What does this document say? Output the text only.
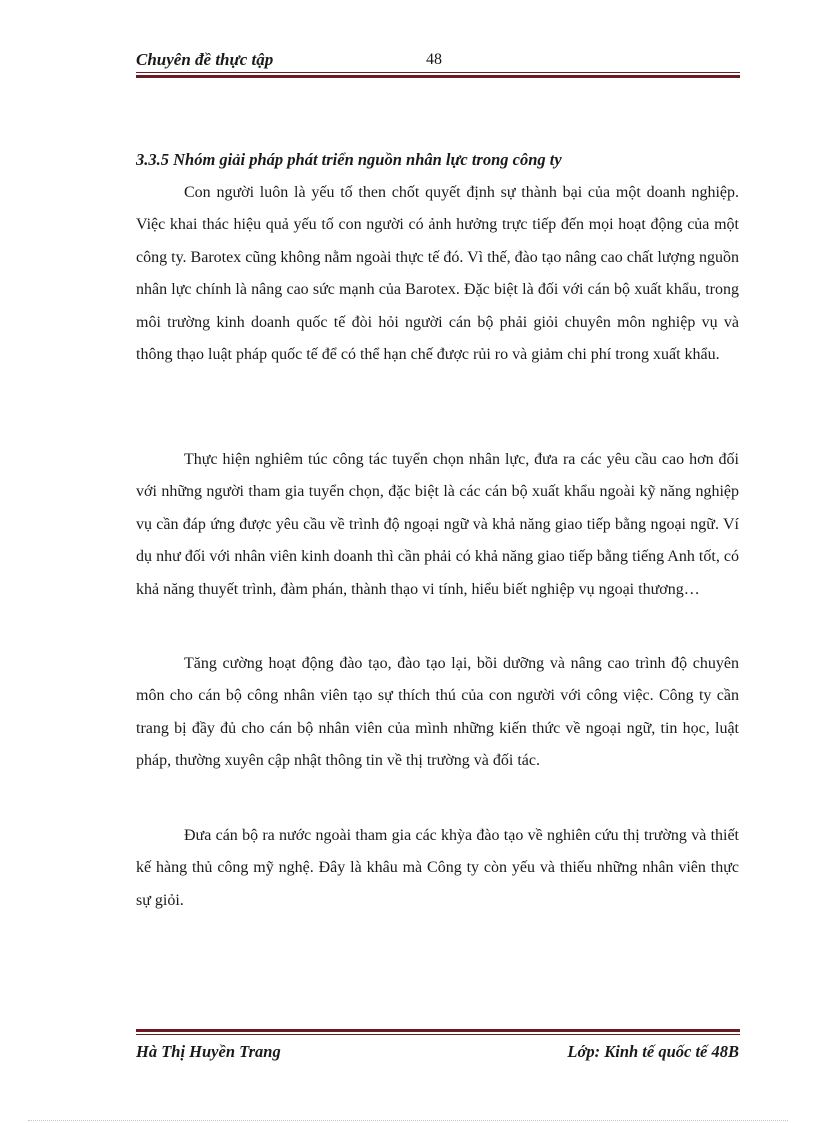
Chuyên đề thực tập	48
3.3.5 Nhóm giải pháp phát triển nguồn nhân lực trong công ty

Con người luôn là yếu tố then chốt quyết định sự thành bại của một doanh nghiệp. Việc khai thác hiệu quả yếu tố con người có ảnh hưởng trực tiếp đến mọi hoạt động của một công ty. Barotex cũng không nằm ngoài thực tế đó. Vì thế, đào tạo nâng cao chất lượng nguồn nhân lực chính là nâng cao sức mạnh của Barotex. Đặc biệt là đối với cán bộ xuất khẩu, trong môi trường kinh doanh quốc tế đòi hỏi người cán bộ phải giỏi chuyên môn nghiệp vụ và thông thạo luật pháp quốc tế để có thể hạn chế được rủi ro và giảm chi phí trong xuất khẩu.

Thực hiện nghiêm túc công tác tuyển chọn nhân lực, đưa ra các yêu cầu cao hơn đối với những người tham gia tuyển chọn, đặc biệt là các cán bộ xuất khẩu ngoài kỹ năng nghiệp vụ cần đáp ứng được yêu cầu về trình độ ngoại ngữ và khả năng giao tiếp bằng ngoại ngữ. Ví dụ như đối với nhân viên kinh doanh thì cần phải có khả năng giao tiếp bằng tiếng Anh tốt, có khả năng thuyết trình, đàm phán, thành thạo vi tính, hiểu biết nghiệp vụ ngoại thương…

Tăng cường hoạt động đào tạo, đào tạo lại, bồi dưỡng và nâng cao trình độ chuyên môn cho cán bộ công nhân viên tạo sự thích thú của con người với công việc. Công ty cần trang bị đầy đủ cho cán bộ nhân viên của mình những kiến thức về ngoại ngữ, tin học, luật pháp, thường xuyên cập nhật thông tin về thị trường và đối tác.

Đưa cán bộ ra nước ngoài tham gia các khỳa đào tạo về nghiên cứu thị trường và thiết kế hàng thủ công mỹ nghệ. Đây là khâu mà Công ty còn yếu và thiếu những nhân viên thực sự giỏi.

Hà Thị Huyền Trang	Lớp: Kinh tế quốc tế 48B
